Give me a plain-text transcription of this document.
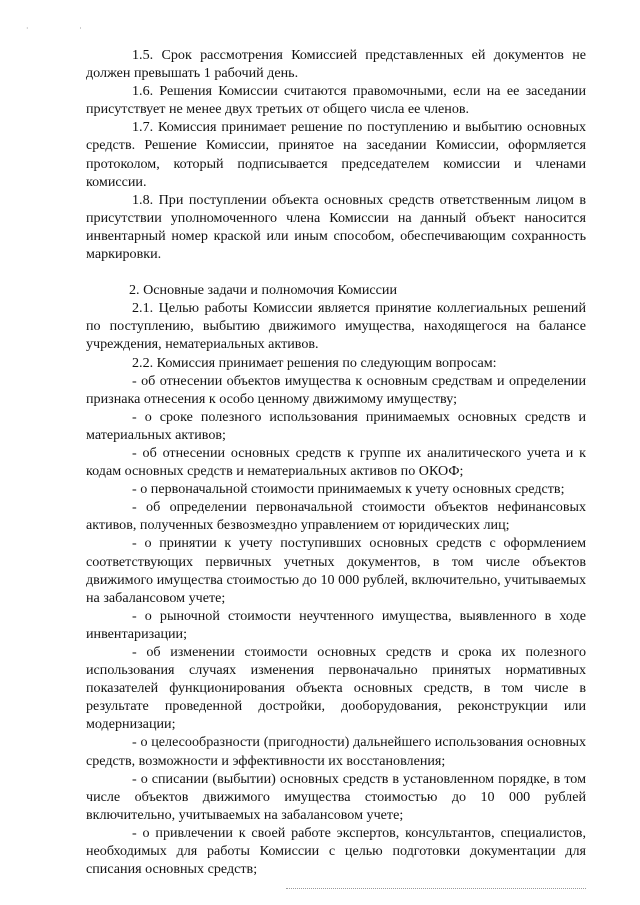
· ·

1.5. Срок рассмотрения Комиссией представленных ей документов не должен превышать 1 рабочий день.

1.6. Решения Комиссии считаются правомочными, если на ее заседании присутствует не менее двух третьих от общего числа ее членов.

1.7. Комиссия принимает решение по поступлению и выбытию основных средств. Решение Комиссии, принятое на заседании Комиссии, оформляется протоколом, который подписывается председателем комиссии и членами комиссии.

1.8. При поступлении объекта основных средств ответственным лицом в присутствии уполномоченного члена Комиссии на данный объект наносится инвентарный номер краской или иным способом, обеспечивающим сохранность маркировки.

2. Основные задачи и полномочия Комиссии

2.1. Целью работы Комиссии является принятие коллегиальных решений по поступлению, выбытию движимого имущества, находящегося на балансе учреждения, нематериальных активов.

2.2. Комиссия принимает решения по следующим вопросам:

- об отнесении объектов имущества к основным средствам и определении признака отнесения к особо ценному движимому имуществу;

- о сроке полезного использования принимаемых основных средств и материальных активов;

- об отнесении основных средств к группе их аналитического учета и к кодам основных средств и нематериальных активов по ОКОФ;

- о первоначальной стоимости принимаемых к учету основных средств;

- об определении первоначальной стоимости объектов нефинансовых активов, полученных безвозмездно управлением от юридических лиц;

- о принятии к учету поступивших основных средств с оформлением соответствующих первичных учетных документов, в том числе объектов движимого имущества стоимостью до 10 000 рублей, включительно, учитываемых на забалансовом учете;

- о рыночной стоимости неучтенного имущества, выявленного в ходе инвентаризации;

- об изменении стоимости основных средств и срока их полезного использования случаях изменения первоначально принятых нормативных показателей функционирования объекта основных средств, в том числе в результате проведенной достройки, дооборудования, реконструкции или модернизации;

- о целесообразности (пригодности) дальнейшего использования основных средств, возможности и эффективности их восстановления;

- о списании (выбытии) основных средств в установленном порядке, в том числе объектов движимого имущества стоимостью до 10 000 рублей включительно, учитываемых на забалансовом учете;

- о привлечении к своей работе экспертов, консультантов, специалистов, необходимых для работы Комиссии с целью подготовки документации для списания основных средств;
